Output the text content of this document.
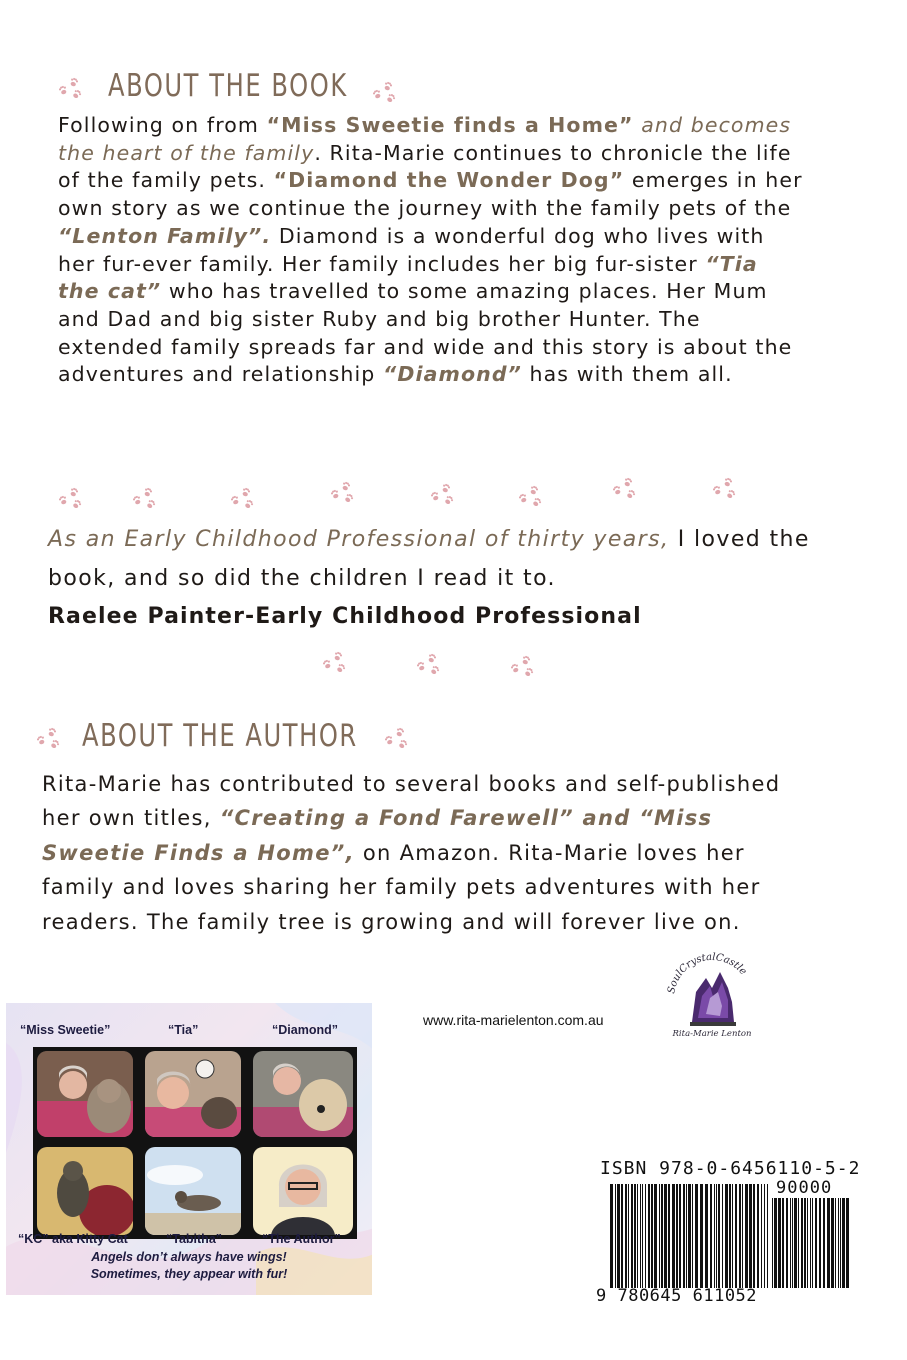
ABOUT THE BOOK
Following on from “Miss Sweetie finds a Home” and becomes the heart of the family. Rita-Marie continues to chronicle the life of the family pets. “Diamond the Wonder Dog” emerges in her own story as we continue the journey with the family pets of the “Lenton Family”. Diamond is a wonderful dog who lives with her fur-ever family. Her family includes her big fur-sister “Tia the cat” who has travelled to some amazing places. Her Mum and Dad and big sister Ruby and big brother Hunter. The extended family spreads far and wide and this story is about the adventures and relationship “Diamond” has with them all.
As an Early Childhood Professional of thirty years, I loved the book, and so did the children I read it to.
Raelee Painter-Early Childhood Professional
ABOUT THE AUTHOR
Rita-Marie has contributed to several books and self-published her own titles, “Creating a Fond Farewell” and “Miss Sweetie Finds a Home”, on Amazon. Rita-Marie loves her family and loves sharing her family pets adventures with her readers. The family tree is growing and will forever live on.
SoulCrystalCastle
Rita-Marie Lenton
www.rita-marielenton.com.au
“Miss Sweetie”	“Tia”	“Diamond”
“KC” aka Kitty Cat	“Tabitha”	“The Author”
Angels don’t always have wings!
Sometimes, they appear with fur!
ISBN 978-0-6456110-5-2
90000
9 780645 611052
